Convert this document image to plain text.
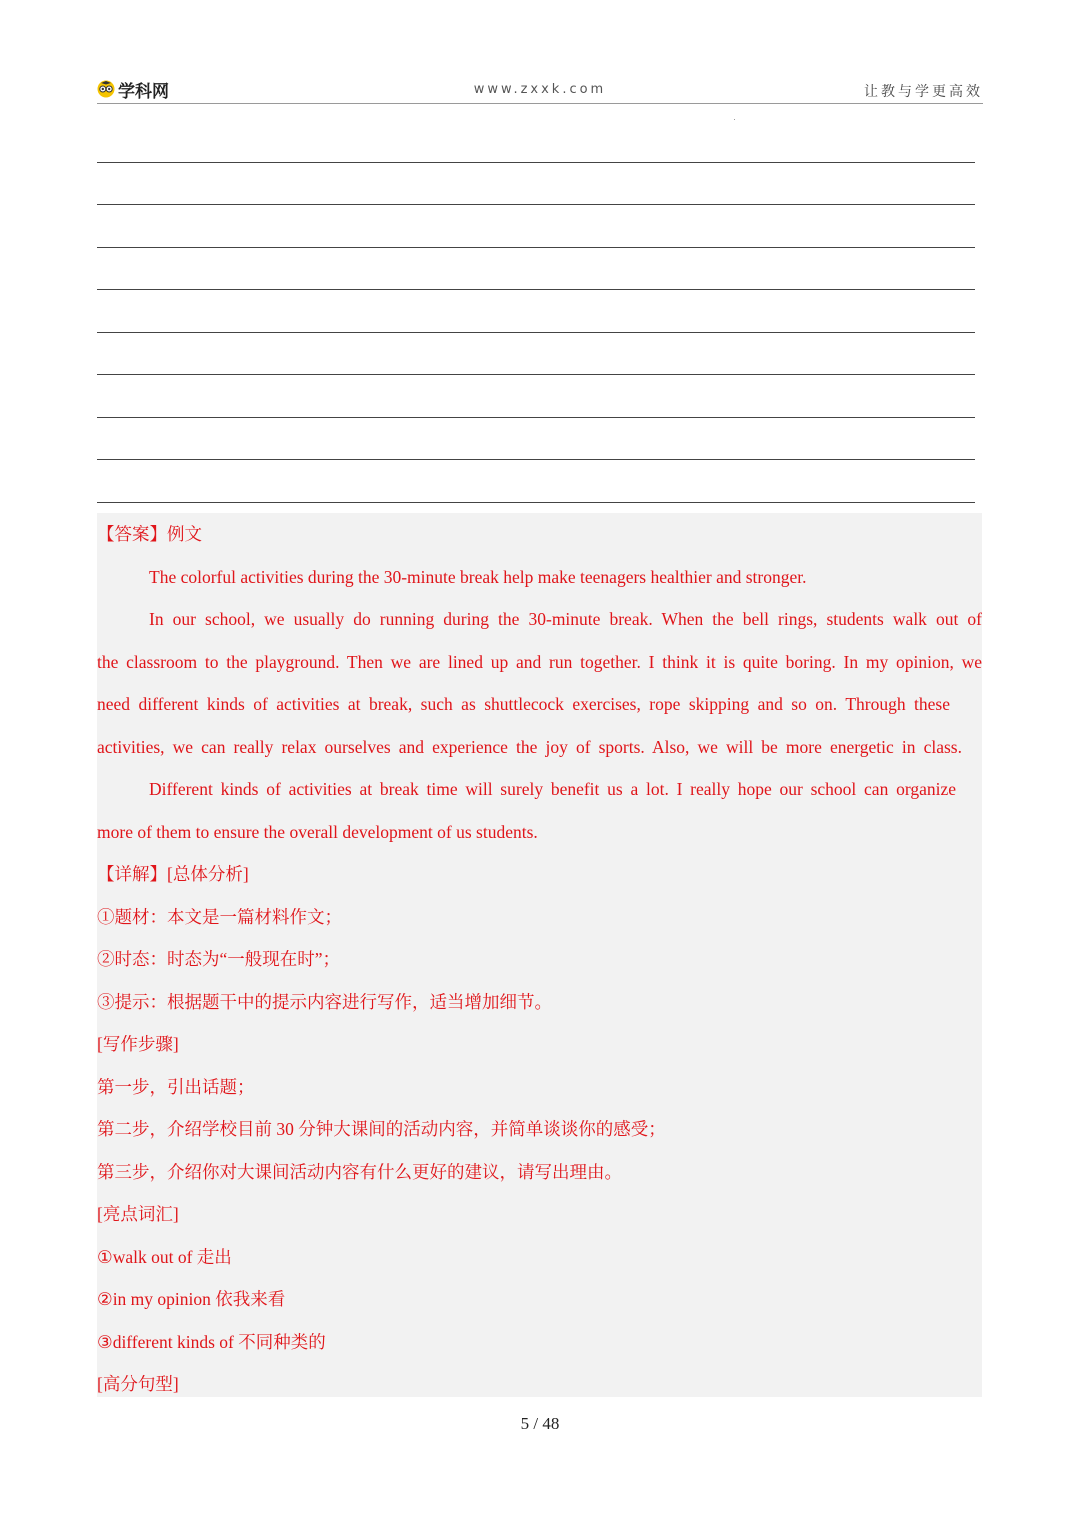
学科网	www.zxxk.com	让教与学更高效
【答案】例文
The colorful activities during the 30-minute break help make teenagers healthier and stronger.
In our school, we usually do running during the 30-minute break. When the bell rings, students walk out of
the classroom to the playground. Then we are lined up and run together. I think it is quite boring. In my opinion, we
need different kinds of activities at break, such as shuttlecock exercises, rope skipping and so on. Through these
activities, we can really relax ourselves and experience the joy of sports. Also, we will be more energetic in class.
Different kinds of activities at break time will surely benefit us a lot. I really hope our school can organize
more of them to ensure the overall development of us students.
【详解】[总体分析]
①题材：本文是一篇材料作文；
②时态：时态为“一般现在时”；
③提示：根据题干中的提示内容进行写作，适当增加细节。
[写作步骤]
第一步，引出话题；
第二步，介绍学校目前 30 分钟大课间的活动内容，并简单谈谈你的感受；
第三步，介绍你对大课间活动内容有什么更好的建议，请写出理由。
[亮点词汇]
①walk out of 走出
②in my opinion 依我来看
③different kinds of 不同种类的
[高分句型]
5 / 48
